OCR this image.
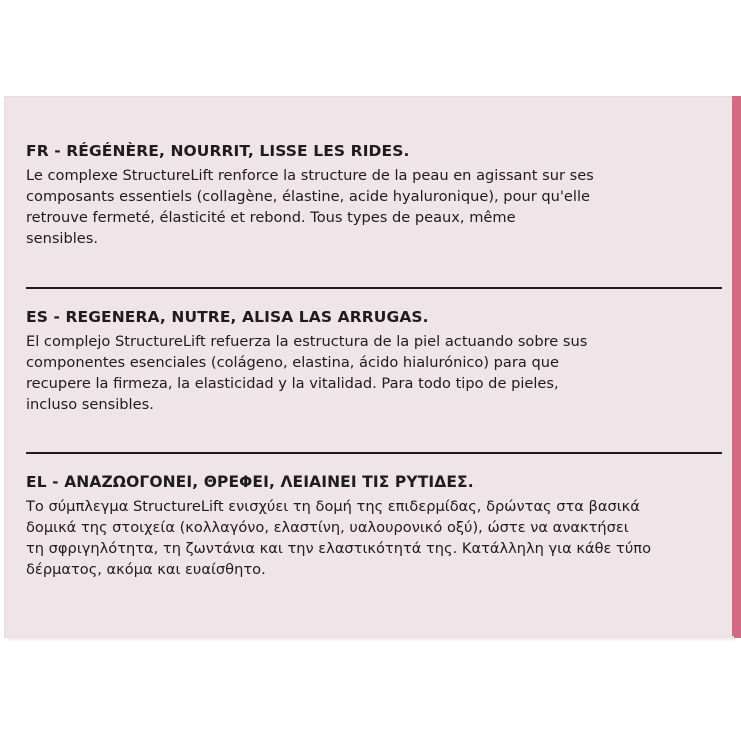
FR - RÉGÉNÈRE, NOURRIT, LISSE LES RIDES.
Le complexe StructureLift renforce la structure de la peau en agissant sur ses
composants essentiels (collagène, élastine, acide hyaluronique), pour qu'elle
retrouve fermeté, élasticité et rebond. Tous types de peaux, même
sensibles.
ES - REGENERA, NUTRE, ALISA LAS ARRUGAS.
El complejo StructureLift refuerza la estructura de la piel actuando sobre sus
componentes esenciales (colágeno, elastina, ácido hialurónico) para que
recupere la firmeza, la elasticidad y la vitalidad. Para todo tipo de pieles,
incluso sensibles.
EL - ΑΝΑΖΩΟΓΟΝΕΙ, ΘΡΕΦΕΙ, ΛΕΙΑΙΝΕΙ ΤΙΣ ΡΥΤΙΔΕΣ.
Το σύμπλεγμα StructureLift ενισχύει τη δομή της επιδερμίδας, δρώντας στα βασικά
δομικά της στοιχεία (κολλαγόνο, ελαστίνη, υαλουρονικό οξύ), ώστε να ανακτήσει
τη σφριγηλότητα, τη ζωντάνια και την ελαστικότητά της. Κατάλληλη για κάθε τύπο
δέρματος, ακόμα και ευαίσθητο.
